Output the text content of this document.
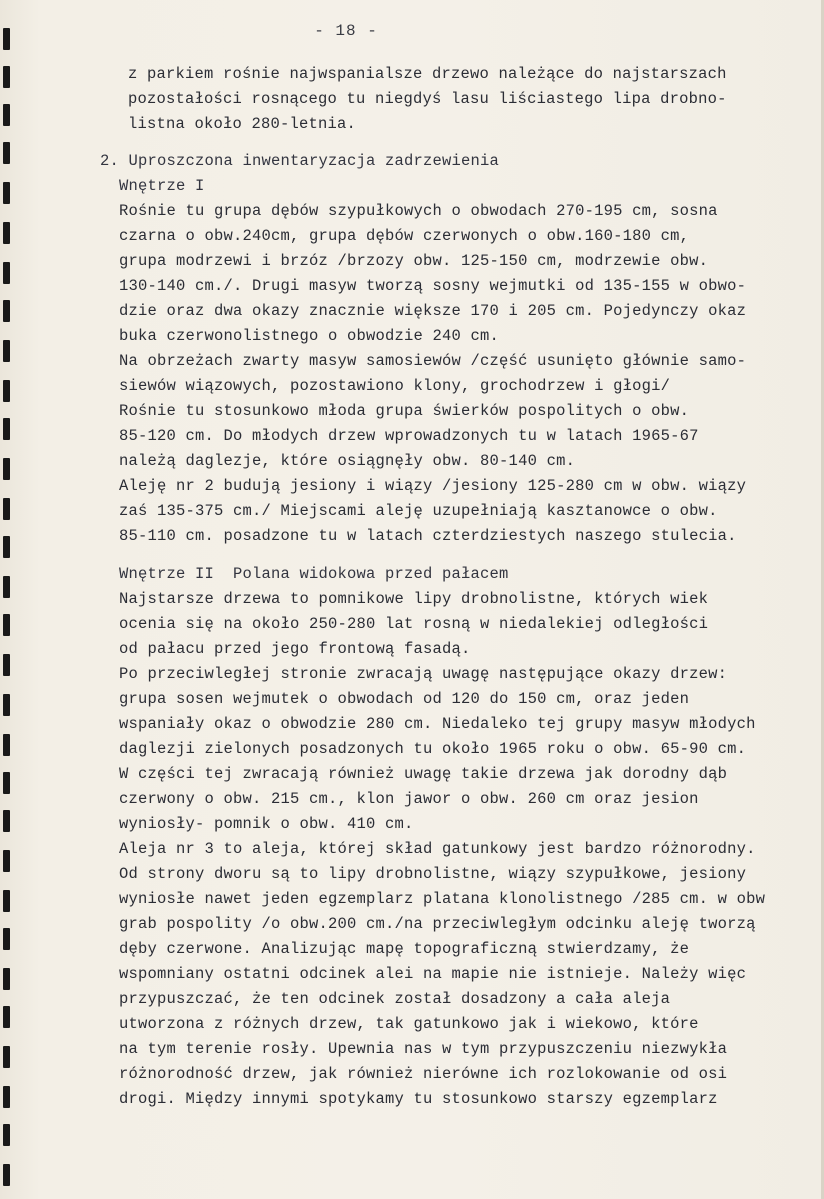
- 18 -
z parkiem rośnie najwspanialsze drzewo należące do najstarszach
pozostałości rosnącego tu niegdyś lasu liściastego lipa drobno-
listna około 280-letnia.
2. Uproszczona inwentaryzacja zadrzewienia
Wnętrze I
Rośnie tu grupa dębów szypułkowych o obwodach 270-195 cm, sosna
czarna o obw.240cm, grupa dębów czerwonych o obw.160-180 cm,
grupa modrzewi i brzóz /brzozy obw. 125-150 cm, modrzewie obw.
130-140 cm./. Drugi masyw tworzą sosny wejmutki od 135-155 w obwo-
dzie oraz dwa okazy znacznie większe 170 i 205 cm. Pojedynczy okaz
buka czerwonolistnego o obwodzie 240 cm.
Na obrzeżach zwarty masyw samosiewów /część usunięto głównie samo-
siewów wiązowych, pozostawiono klony, grochodrzew i głogi/
Rośnie tu stosunkowo młoda grupa świerków pospolitych o obw.
85-120 cm. Do młodych drzew wprowadzonych tu w latach 1965-67
należą daglezje, które osiągnęły obw. 80-140 cm.
Aleję nr 2 budują jesiony i wiązy /jesiony 125-280 cm w obw. wiązy
zaś 135-375 cm./ Miejscami aleję uzupełniają kasztanowce o obw.
85-110 cm. posadzone tu w latach czterdziestych naszego stulecia.
Wnętrze II  Polana widokowa przed pałacem
Najstarsze drzewa to pomnikowe lipy drobnolistne, których wiek
ocenia się na około 250-280 lat rosną w niedalekiej odległości
od pałacu przed jego frontową fasadą.
Po przeciwległej stronie zwracają uwagę następujące okazy drzew:
grupa sosen wejmutek o obwodach od 120 do 150 cm, oraz jeden
wspaniały okaz o obwodzie 280 cm. Niedaleko tej grupy masyw młodych
daglezji zielonych posadzonych tu około 1965 roku o obw. 65-90 cm.
W części tej zwracają również uwagę takie drzewa jak dorodny dąb
czerwony o obw. 215 cm., klon jawor o obw. 260 cm oraz jesion
wyniosły- pomnik o obw. 410 cm.
Aleja nr 3 to aleja, której skład gatunkowy jest bardzo różnorodny.
Od strony dworu są to lipy drobnolistne, wiązy szypułkowe, jesiony
wyniosłe nawet jeden egzemplarz platana klonolistnego /285 cm. w obw
grab pospolity /o obw.200 cm./na przeciwległym odcinku aleję tworzą
dęby czerwone. Analizując mapę topograficzną stwierdzamy, że
wspomniany ostatni odcinek alei na mapie nie istnieje. Należy więc
przypuszczać, że ten odcinek został dosadzony a cała aleja
utworzona z różnych drzew, tak gatunkowo jak i wiekowo, które
na tym terenie rosły. Upewnia nas w tym przypuszczeniu niezwykła
różnorodność drzew, jak również nierówne ich rozlokowanie od osi
drogi. Między innymi spotykamy tu stosunkowo starszy egzemplarz
